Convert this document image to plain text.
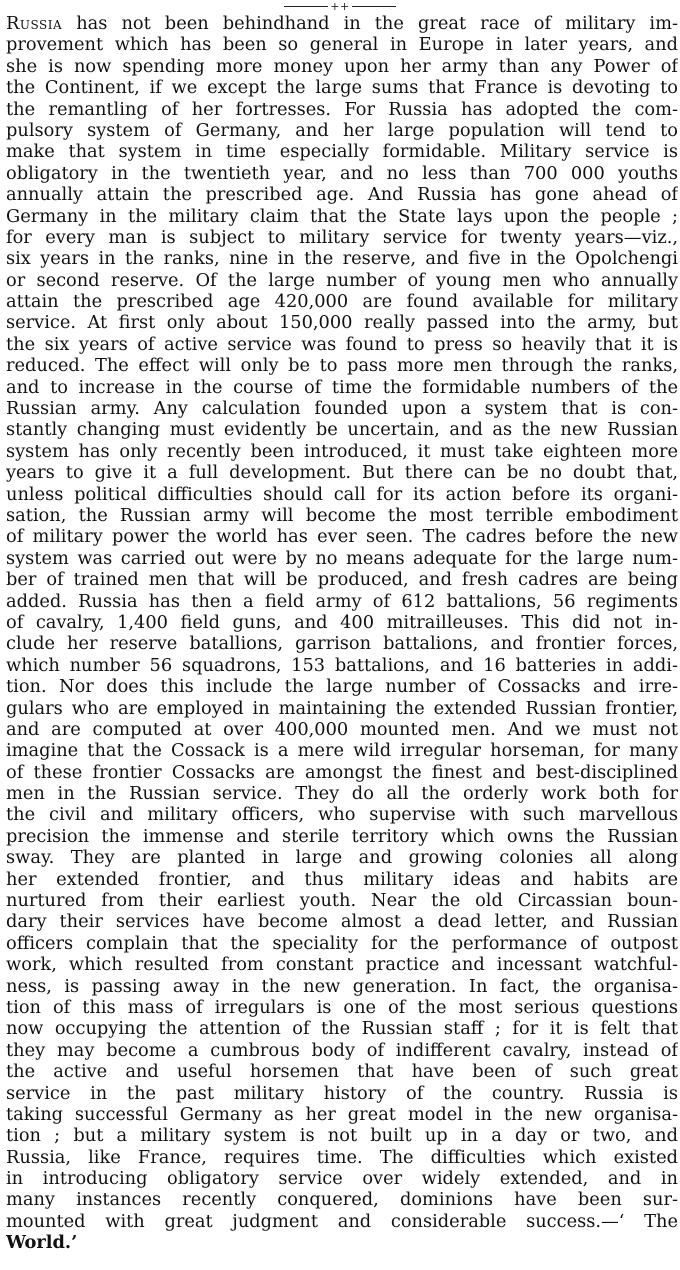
++
Russia has not been behindhand in the great race of military im-
provement which has been so general in Europe in later years, and
she is now spending more money upon her army than any Power of
the Continent, if we except the large sums that France is devoting to
the remantling of her fortresses. For Russia has adopted the com-
pulsory system of Germany, and her large population will tend to
make that system in time especially formidable. Military service is
obligatory in the twentieth year, and no less than 700 000 youths
annually attain the prescribed age. And Russia has gone ahead of
Germany in the military claim that the State lays upon the people ;
for every man is subject to military service for twenty years—viz.,
six years in the ranks, nine in the reserve, and five in the Opolchengi
or second reserve. Of the large number of young men who annually
attain the prescribed age 420,000 are found available for military
service. At first only about 150,000 really passed into the army, but
the six years of active service was found to press so heavily that it is
reduced. The effect will only be to pass more men through the ranks,
and to increase in the course of time the formidable numbers of the
Russian army. Any calculation founded upon a system that is con-
stantly changing must evidently be uncertain, and as the new Russian
system has only recently been introduced, it must take eighteen more
years to give it a full development. But there can be no doubt that,
unless political difficulties should call for its action before its organi-
sation, the Russian army will become the most terrible embodiment
of military power the world has ever seen. The cadres before the new
system was carried out were by no means adequate for the large num-
ber of trained men that will be produced, and fresh cadres are being
added. Russia has then a field army of 612 battalions, 56 regiments
of cavalry, 1,400 field guns, and 400 mitrailleuses. This did not in-
clude her reserve batallions, garrison battalions, and frontier forces,
which number 56 squadrons, 153 battalions, and 16 batteries in addi-
tion. Nor does this include the large number of Cossacks and irre-
gulars who are employed in maintaining the extended Russian frontier,
and are computed at over 400,000 mounted men. And we must not
imagine that the Cossack is a mere wild irregular horseman, for many
of these frontier Cossacks are amongst the finest and best-disciplined
men in the Russian service. They do all the orderly work both for
the civil and military officers, who supervise with such marvellous
precision the immense and sterile territory which owns the Russian
sway. They are planted in large and growing colonies all along
her extended frontier, and thus military ideas and habits are
nurtured from their earliest youth. Near the old Circassian boun-
dary their services have become almost a dead letter, and Russian
officers complain that the speciality for the performance of outpost
work, which resulted from constant practice and incessant watchful-
ness, is passing away in the new generation. In fact, the organisa-
tion of this mass of irregulars is one of the most serious questions
now occupying the attention of the Russian staff ; for it is felt that
they may become a cumbrous body of indifferent cavalry, instead of
the active and useful horsemen that have been of such great
service in the past military history of the country. Russia is
taking successful Germany as her great model in the new organisa-
tion ; but a military system is not built up in a day or two, and
Russia, like France, requires time. The difficulties which existed
in introducing obligatory service over widely extended, and in
many instances recently conquered, dominions have been sur-
mounted with great judgment and considerable success.—‘ The
World.’
